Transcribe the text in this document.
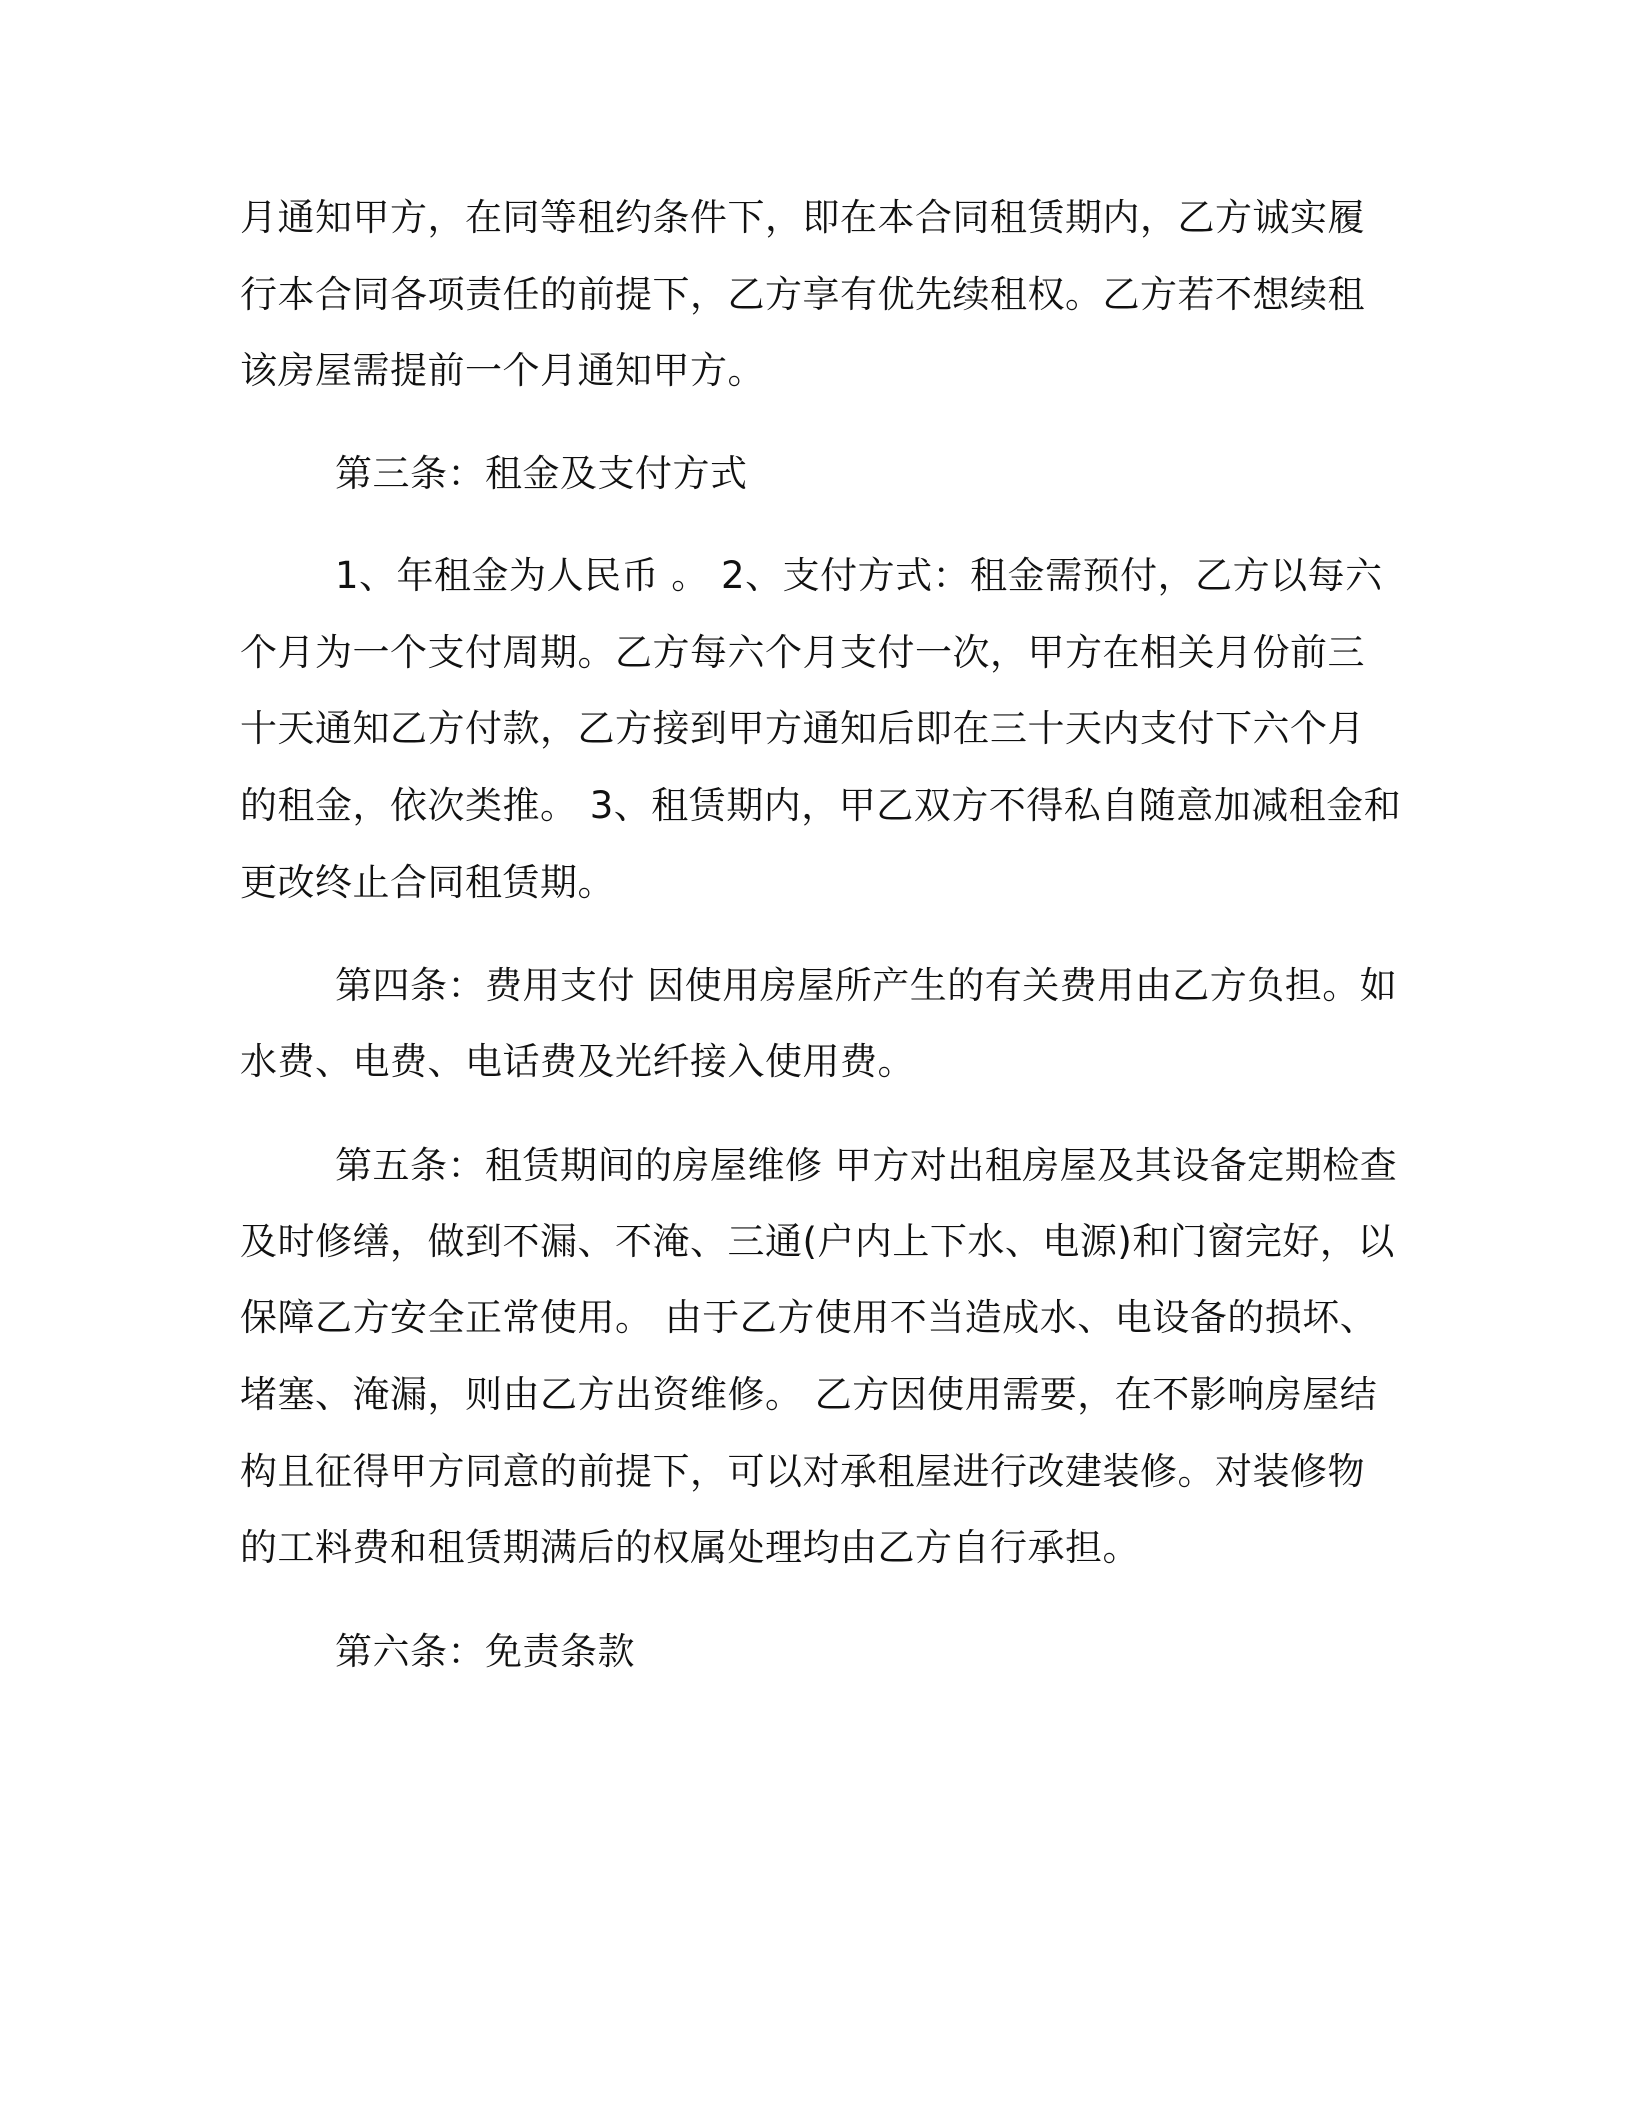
月通知甲方，在同等租约条件下，即在本合同租赁期内，乙方诚实履
行本合同各项责任的前提下，乙方享有优先续租权。乙方若不想续租
该房屋需提前一个月通知甲方。
第三条：租金及支付方式
1、年租金为人民币 。 2、支付方式：租金需预付，乙方以每六
个月为一个支付周期。乙方每六个月支付一次，甲方在相关月份前三
十天通知乙方付款，乙方接到甲方通知后即在三十天内支付下六个月
的租金，依次类推。 3、租赁期内，甲乙双方不得私自随意加减租金和
更改终止合同租赁期。
第四条：费用支付 因使用房屋所产生的有关费用由乙方负担。如
水费、电费、电话费及光纤接入使用费。
第五条：租赁期间的房屋维修 甲方对出租房屋及其设备定期检查
及时修缮，做到不漏、不淹、三通(户内上下水、电源)和门窗完好，以
保障乙方安全正常使用。 由于乙方使用不当造成水、电设备的损坏、
堵塞、淹漏，则由乙方出资维修。 乙方因使用需要，在不影响房屋结
构且征得甲方同意的前提下，可以对承租屋进行改建装修。对装修物
的工料费和租赁期满后的权属处理均由乙方自行承担。
第六条：免责条款
